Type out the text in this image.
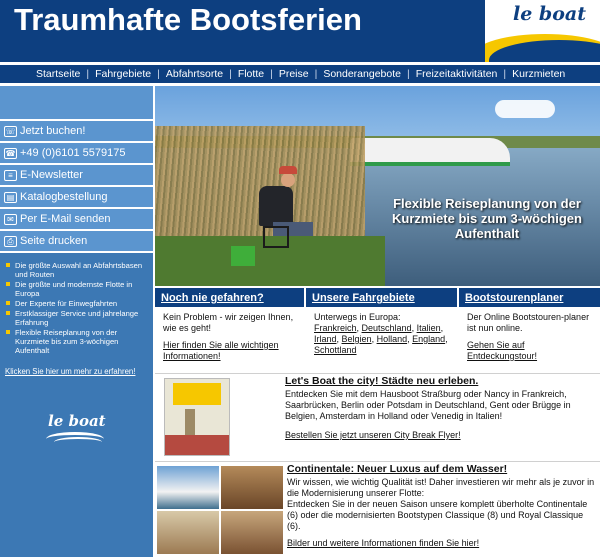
Traumhafte Bootsferien	le boat
Startseite | Fahrgebiete | Abfahrtsorte | Flotte | Preise | Sonderangebote | Freizeitaktivitäten | Kurzmieten
☏ Jetzt buchen!
☎ +49 (0)6101 5579175
≡ E-Newsletter
▤ Katalogbestellung
✉ Per E-Mail senden
⎙ Seite drucken
Die größte Auswahl an Abfahrtsbasen und Routen
Die größte und modernste Flotte in Europa
Der Experte für Einwegfahrten
Erstklassiger Service und jahrelange Erfahrung
Flexible Reiseplanung von der Kurzmiete bis zum 3-wöchigen Aufenthalt
Klicken Sie hier um mehr zu erfahren!
le boat
Flexible Reiseplanung von der Kurzmiete bis zum 3-wöchigen Aufenthalt
Noch nie gefahren?
Kein Problem - wir zeigen Ihnen, wie es geht!
Hier finden Sie alle wichtigen Informationen!
Unsere Fahrgebiete
Unterwegs in Europa:
Frankreich, Deutschland, Italien, Irland, Belgien, Holland, England, Schottland
Bootstourenplaner
Der Online Bootstouren-planer ist nun online.
Gehen Sie auf Entdeckungstour!
Let's Boat the city! Städte neu erleben.
Entdecken Sie mit dem Hausboot Straßburg oder Nancy in Frankreich, Saarbrücken, Berlin oder Potsdam in Deutschland, Gent oder Brügge in Belgien, Amsterdam in Holland oder Venedig in Italien!
Bestellen Sie jetzt unseren City Break Flyer!
Continentale: Neuer Luxus auf dem Wasser!
Wir wissen, wie wichtig Qualität ist! Daher investieren wir mehr als je zuvor in die Modernisierung unserer Flotte:
Entdecken Sie in der neuen Saison unsere komplett überholte Continentale (6) oder die modernisierten Bootstypen Classique (8) und Royal Classique (6).
Bilder und weitere Informationen finden Sie hier!
